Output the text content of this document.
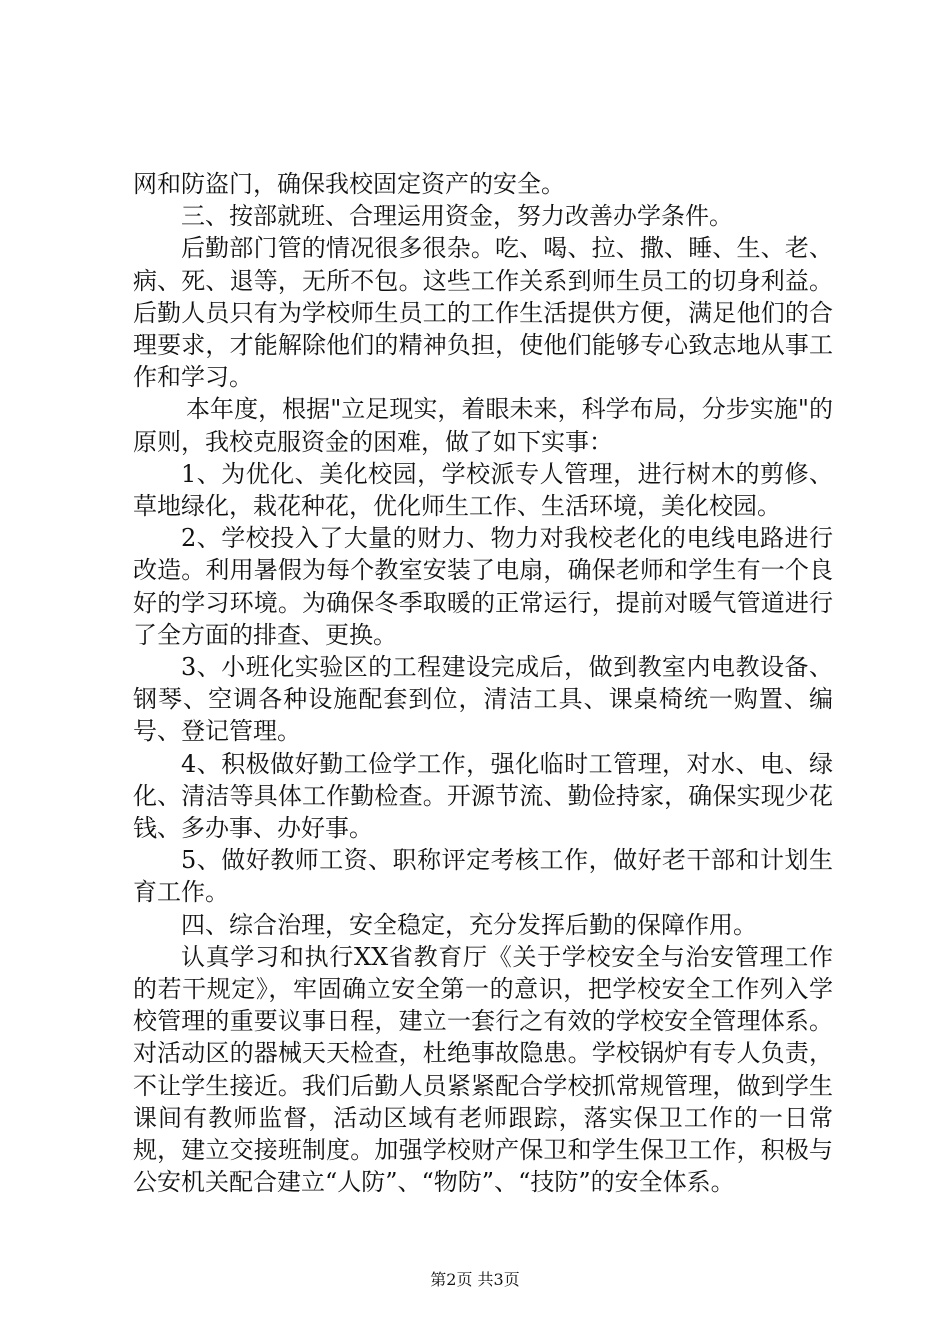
网和防盗门，确保我校固定资产的安全。

三、按部就班、合理运用资金，努力改善办学条件。

后勤部门管的情况很多很杂。吃、喝、拉、撒、睡、生、老、病、死、退等，无所不包。这些工作关系到师生员工的切身利益。后勤人员只有为学校师生员工的工作生活提供方便，满足他们的合理要求，才能解除他们的精神负担，使他们能够专心致志地从事工作和学习。

本年度，根据"立足现实，着眼未来，科学布局，分步实施"的原则，我校克服资金的困难，做了如下实事：

1、为优化、美化校园，学校派专人管理，进行树木的剪修、草地绿化，栽花种花，优化师生工作、生活环境，美化校园。

2、学校投入了大量的财力、物力对我校老化的电线电路进行改造。利用暑假为每个教室安装了电扇，确保老师和学生有一个良好的学习环境。为确保冬季取暖的正常运行，提前对暖气管道进行了全方面的排查、更换。

3、小班化实验区的工程建设完成后，做到教室内电教设备、钢琴、空调各种设施配套到位，清洁工具、课桌椅统一购置、编号、登记管理。

4、积极做好勤工俭学工作，强化临时工管理，对水、电、绿化、清洁等具体工作勤检查。开源节流、勤俭持家，确保实现少花钱、多办事、办好事。

5、做好教师工资、职称评定考核工作，做好老干部和计划生育工作。

四、综合治理，安全稳定，充分发挥后勤的保障作用。

认真学习和执行XX省教育厅《关于学校安全与治安管理工作的若干规定》，牢固确立安全第一的意识，把学校安全工作列入学校管理的重要议事日程，建立一套行之有效的学校安全管理体系。对活动区的器械天天检查，杜绝事故隐患。学校锅炉有专人负责，不让学生接近。我们后勤人员紧紧配合学校抓常规管理，做到学生课间有教师监督，活动区域有老师跟踪，落实保卫工作的一日常规，建立交接班制度。加强学校财产保卫和学生保卫工作，积极与公安机关配合建立“人防”、“物防”、“技防”的安全体系。

第2页 共3页
